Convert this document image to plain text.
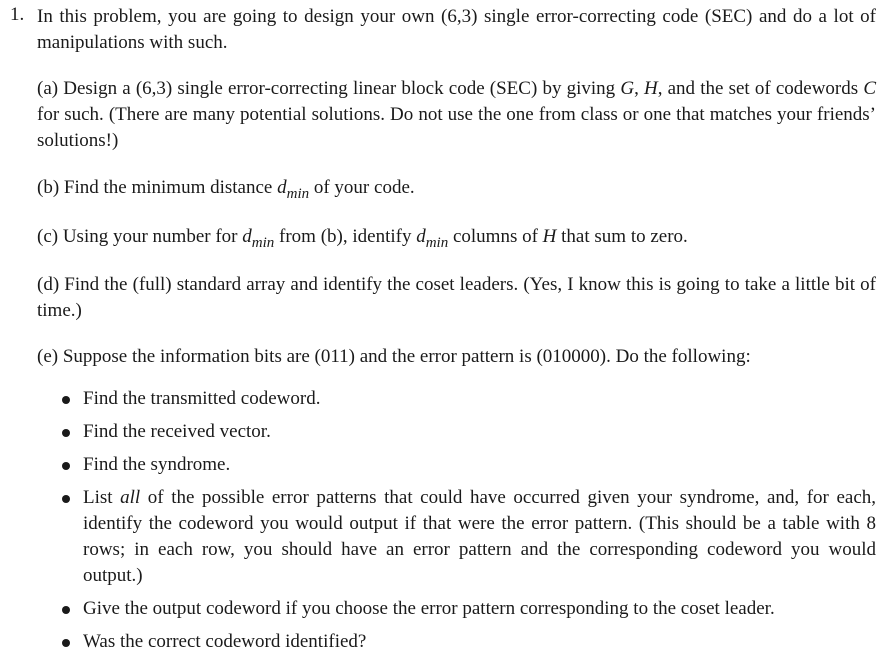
1. In this problem, you are going to design your own (6,3) single error-correcting code (SEC) and do a lot of manipulations with such.
(a) Design a (6,3) single error-correcting linear block code (SEC) by giving G, H, and the set of codewords C for such. (There are many potential solutions. Do not use the one from class or one that matches your friends’ solutions!)
(b) Find the minimum distance $d_{min}$ of your code.
(c) Using your number for $d_{min}$ from (b), identify $d_{min}$ columns of H that sum to zero.
(d) Find the (full) standard array and identify the coset leaders. (Yes, I know this is going to take a little bit of time.)
(e) Suppose the information bits are (011) and the error pattern is (010000). Do the following:
Find the transmitted codeword.
Find the received vector.
Find the syndrome.
List all of the possible error patterns that could have occurred given your syndrome, and, for each, identify the codeword you would output if that were the error pattern. (This should be a table with 8 rows; in each row, you should have an error pattern and the corresponding codeword you would output.)
Give the output codeword if you choose the error pattern corresponding to the coset leader.
Was the correct codeword identified?
